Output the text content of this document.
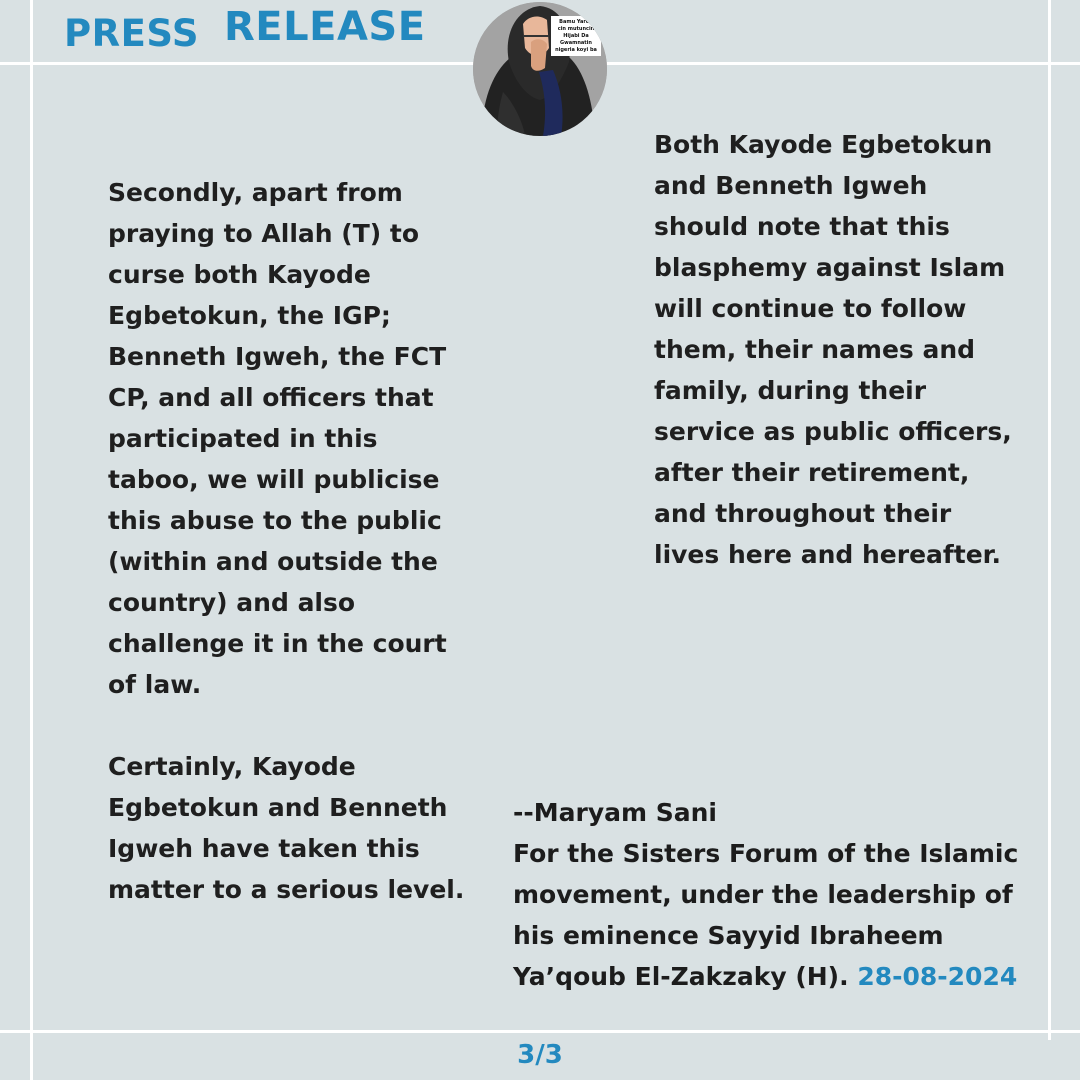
PRESS RELEASE	Bamu Yarda
cin mutuncin
Hijabi Da
Gwamnatin
nigeria koyi ba

Secondly, apart from praying to Allah (T) to curse both Kayode Egbetokun, the IGP; Benneth Igweh, the FCT CP, and all officers that participated in this taboo, we will publicise this abuse to the public (within and outside the country) and also challenge it in the court of law.

Certainly, Kayode Egbetokun and Benneth Igweh have taken this matter to a serious level.

Both Kayode Egbetokun and Benneth Igweh should note that this blasphemy against Islam will continue to follow them, their names and family, during their service as public officers, after their retirement, and throughout their lives here and hereafter.

--Maryam Sani
For the Sisters Forum of the Islamic movement, under the leadership of his eminence Sayyid Ibraheem Ya’qoub El-Zakzaky (H). 28-08-2024
3/3
